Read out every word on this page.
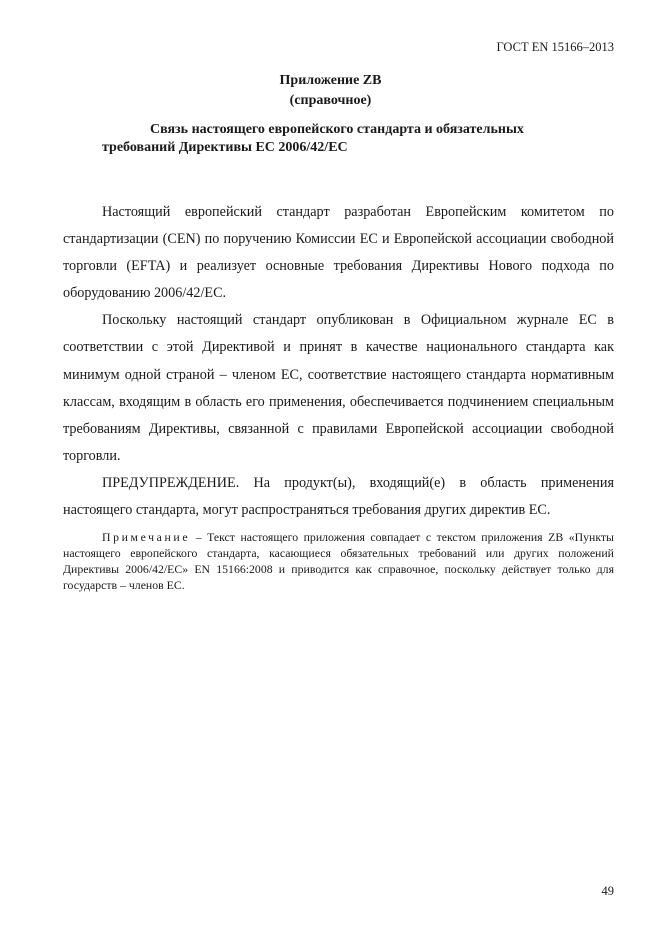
ГОСТ EN 15166–2013
Приложение ZB
(справочное)
Связь настоящего европейского стандарта и обязательных требований Директивы ЕС 2006/42/ЕС

Настоящий европейский стандарт разработан Европейским комитетом по стандартизации (CEN) по поручению Комиссии ЕС и Европейской ассоциации свободной торговли (EFTA) и реализует основные требования Директивы Нового подхода по оборудованию 2006/42/ЕС.

Поскольку настоящий стандарт опубликован в Официальном журнале ЕС в соответствии с этой Директивой и принят в качестве национального стандарта как минимум одной страной – членом ЕС, соответствие настоящего стандарта нормативным классам, входящим в область его применения, обеспечивается подчинением специальным требованиям Директивы, связанной с правилами Европейской ассоциации свободной торговли.

ПРЕДУПРЕЖДЕНИЕ. На продукт(ы), входящий(е) в область применения настоящего стандарта, могут распространяться требования других директив ЕС.

Примечание – Текст настоящего приложения совпадает с текстом приложения ZB «Пункты настоящего европейского стандарта, касающиеся обязательных требований или других положений Директивы 2006/42/ЕС» EN 15166:2008 и приводится как справочное, поскольку действует только для государств – членов ЕС.

49
